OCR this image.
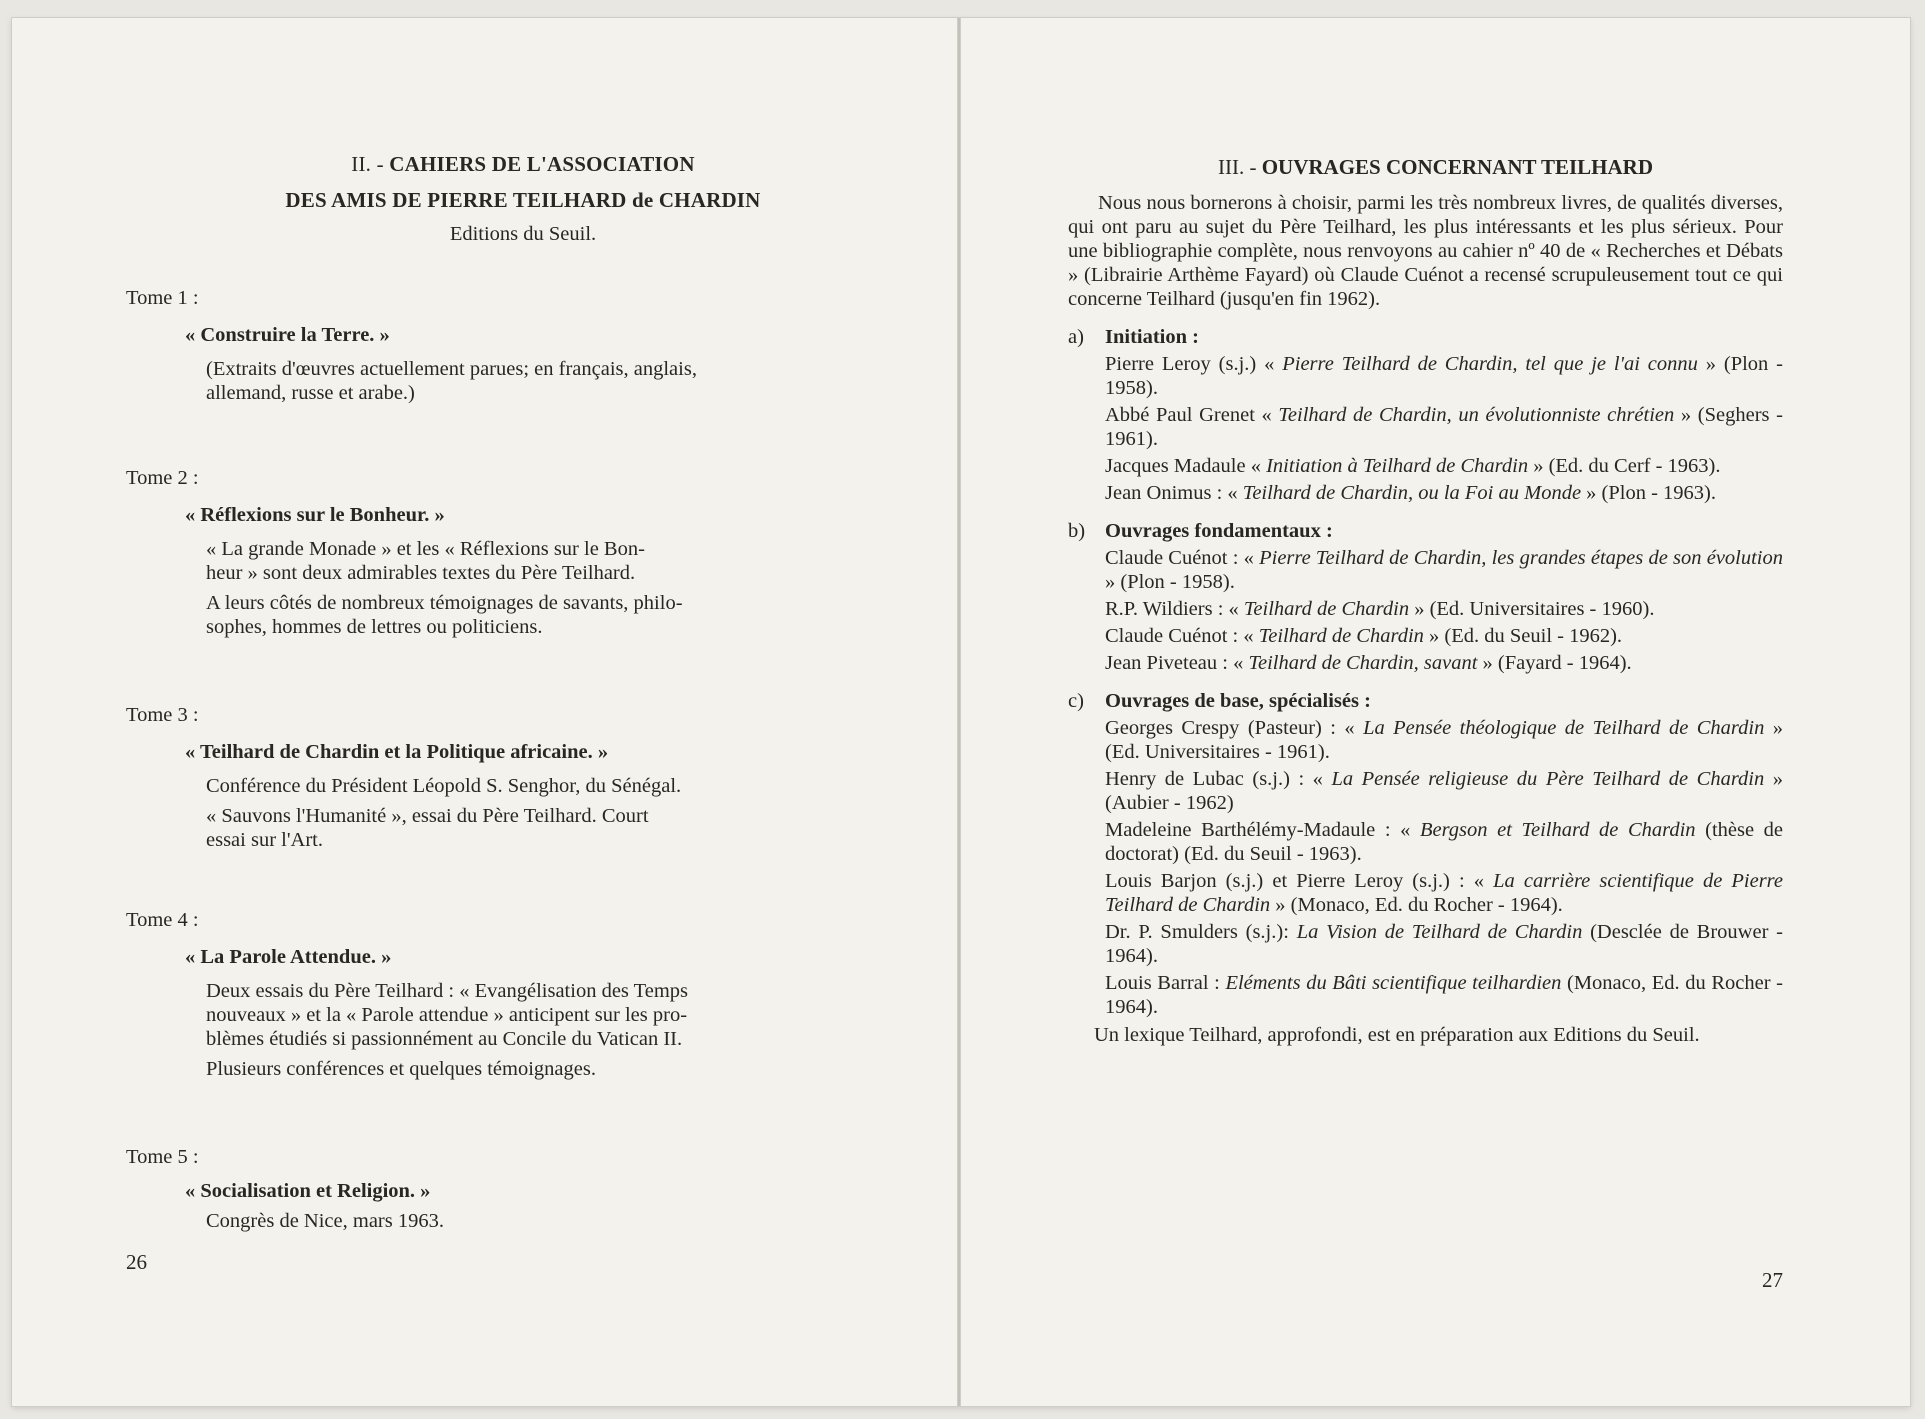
II. - CAHIERS DE L'ASSOCIATION
DES AMIS DE PIERRE TEILHARD de CHARDIN
Editions du Seuil.
Tome 1 :
« Construire la Terre. »
(Extraits d'œuvres actuellement parues; en français, anglais,
allemand, russe et arabe.)
Tome 2 :
« Réflexions sur le Bonheur. »
« La grande Monade » et les « Réflexions sur le Bon-
heur » sont deux admirables textes du Père Teilhard.
A leurs côtés de nombreux témoignages de savants, philo-
sophes, hommes de lettres ou politiciens.
Tome 3 :
« Teilhard de Chardin et la Politique africaine. »
Conférence du Président Léopold S. Senghor, du Sénégal.
« Sauvons l'Humanité », essai du Père Teilhard. Court
essai sur l'Art.
Tome 4 :
« La Parole Attendue. »
Deux essais du Père Teilhard : « Evangélisation des Temps
nouveaux » et la « Parole attendue » anticipent sur les pro-
blèmes étudiés si passionnément au Concile du Vatican II.
Plusieurs conférences et quelques témoignages.
Tome 5 :
« Socialisation et Religion. »
Congrès de Nice, mars 1963.
26
III. - OUVRAGES CONCERNANT TEILHARD
Nous nous bornerons à choisir, parmi les très nombreux livres, de qualités diverses, qui ont paru au sujet du Père Teilhard, les plus intéressants et les plus sérieux. Pour une bibliographie complète, nous renvoyons au cahier nº 40 de « Recherches et Débats » (Librairie Arthème Fayard) où Claude Cuénot a recensé scrupuleusement tout ce qui concerne Teilhard (jusqu'en fin 1962).
a) Initiation :
Pierre Leroy (s.j.) « Pierre Teilhard de Chardin, tel que je l'ai connu » (Plon - 1958).
Abbé Paul Grenet « Teilhard de Chardin, un évolutionniste chrétien » (Seghers - 1961).
Jacques Madaule « Initiation à Teilhard de Chardin » (Ed. du Cerf - 1963).
Jean Onimus : « Teilhard de Chardin, ou la Foi au Monde » (Plon - 1963).
b) Ouvrages fondamentaux :
Claude Cuénot : « Pierre Teilhard de Chardin, les grandes étapes de son évolution » (Plon - 1958).
R.P. Wildiers : « Teilhard de Chardin » (Ed. Universitaires - 1960).
Claude Cuénot : « Teilhard de Chardin » (Ed. du Seuil - 1962).
Jean Piveteau : « Teilhard de Chardin, savant » (Fayard - 1964).
c) Ouvrages de base, spécialisés :
Georges Crespy (Pasteur) : « La Pensée théologique de Teilhard de Chardin » (Ed. Universitaires - 1961).
Henry de Lubac (s.j.) : « La Pensée religieuse du Père Teilhard de Chardin » (Aubier - 1962)
Madeleine Barthélémy-Madaule : « Bergson et Teilhard de Chardin (thèse de doctorat) (Ed. du Seuil - 1963).
Louis Barjon (s.j.) et Pierre Leroy (s.j.) : « La carrière scientifique de Pierre Teilhard de Chardin » (Monaco, Ed. du Rocher - 1964).
Dr. P. Smulders (s.j.): La Vision de Teilhard de Chardin (Desclée de Brouwer - 1964).
Louis Barral : Eléments du Bâti scientifique teilhardien (Monaco, Ed. du Rocher - 1964).
Un lexique Teilhard, approfondi, est en préparation aux Editions du Seuil.
27
